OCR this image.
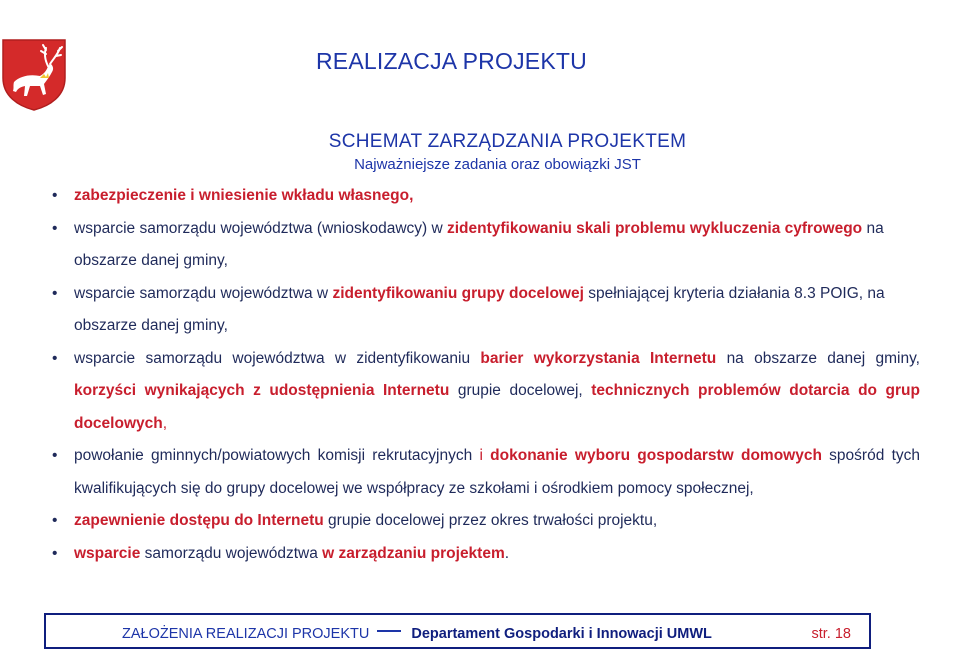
REALIZACJA PROJEKTU
SCHEMAT ZARZĄDZANIA PROJEKTEM
Najważniejsze zadania oraz obowiązki JST
• zabezpieczenie i wniesienie wkładu własnego,
• wsparcie samorządu województwa (wnioskodawcy) w zidentyfikowaniu skali problemu wykluczenia cyfrowego na obszarze danej gminy,
• wsparcie samorządu województwa w zidentyfikowaniu grupy docelowej spełniającej kryteria działania 8.3 POIG, na obszarze danej gminy,
• wsparcie samorządu województwa w zidentyfikowaniu barier wykorzystania Internetu na obszarze danej gminy, korzyści wynikających z udostępnienia Internetu grupie docelowej, technicznych problemów dotarcia do grup docelowych,
• powołanie gminnych/powiatowych komisji rekrutacyjnych i dokonanie wyboru gospodarstw domowych spośród tych kwalifikujących się do grupy docelowej we współpracy ze szkołami i ośrodkiem pomocy społecznej,
• zapewnienie dostępu do Internetu grupie docelowej przez okres trwałości projektu,
• wsparcie samorządu województwa w zarządzaniu projektem.
ZAŁOŻENIA REALIZACJI PROJEKTU	Departament Gospodarki i Innowacji UMWL	str. 18
